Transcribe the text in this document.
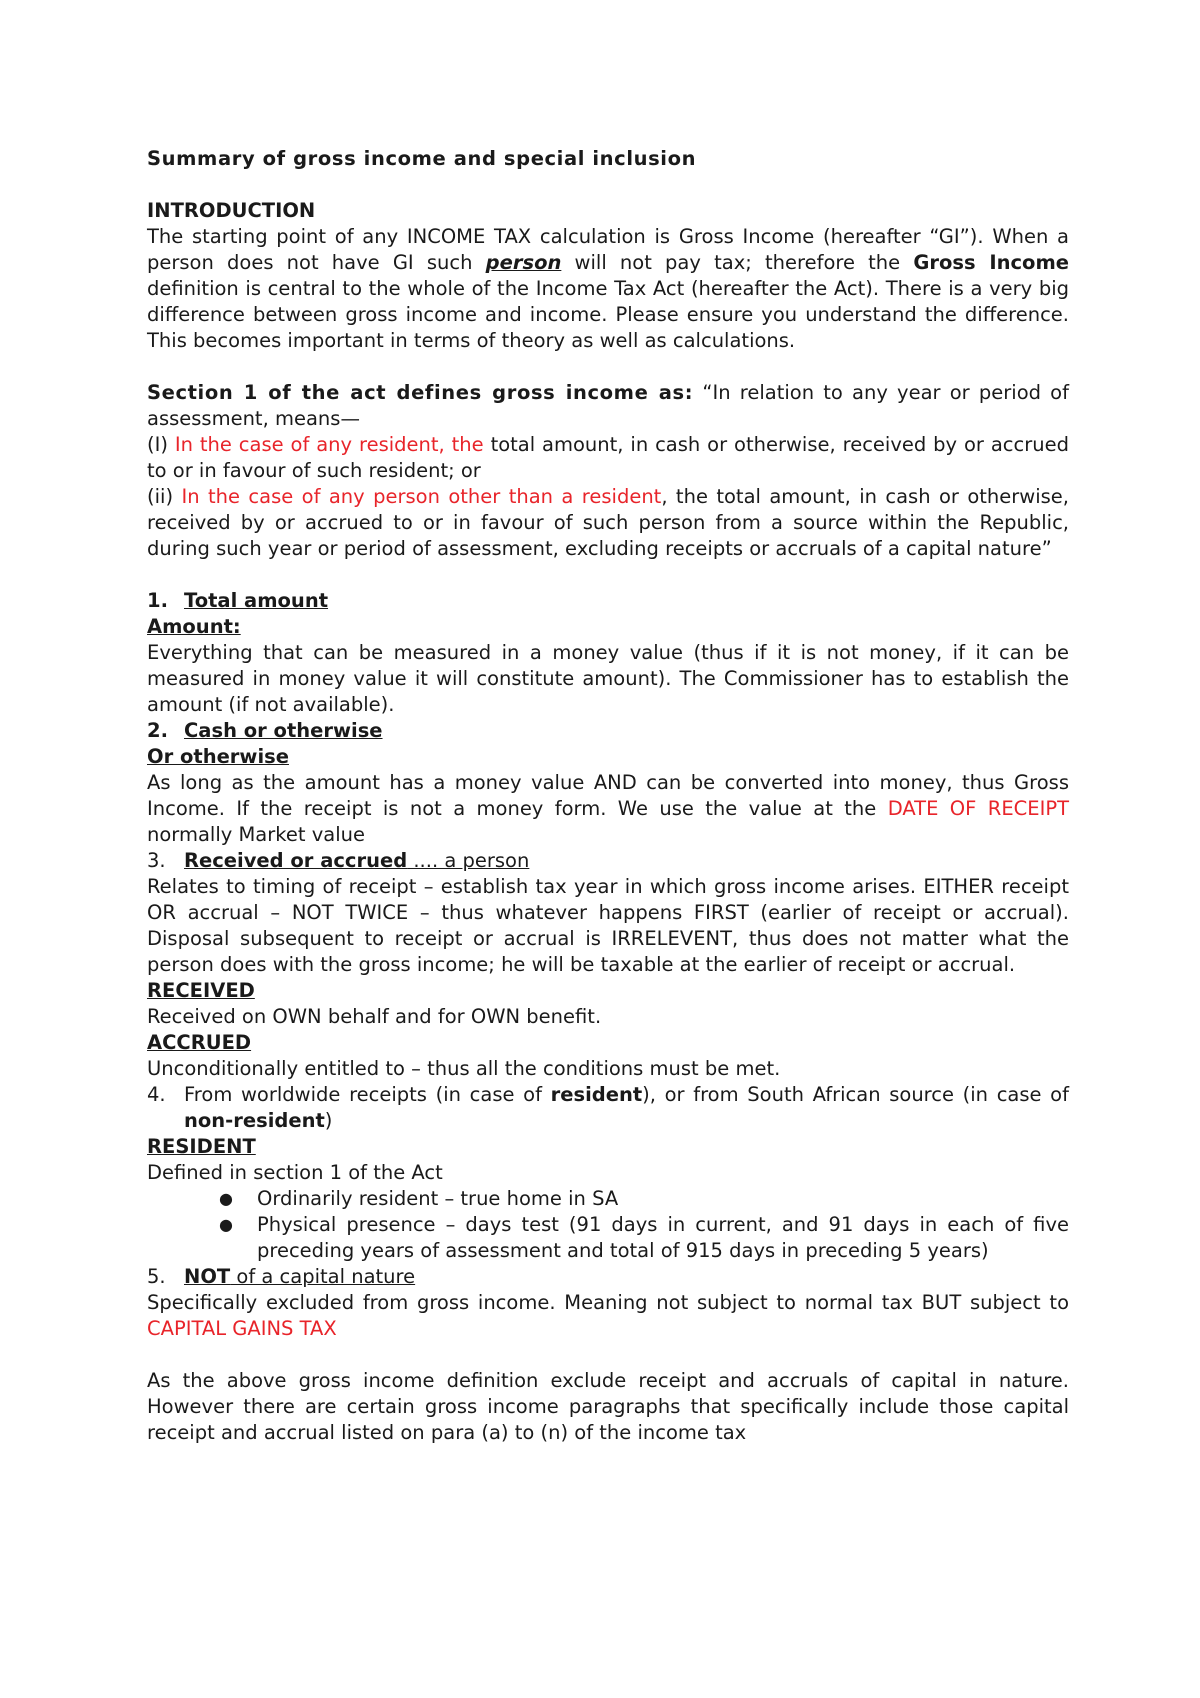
Summary of gross income and special inclusion

INTRODUCTION

The starting point of any INCOME TAX calculation is Gross Income (hereafter “GI”). When a person does not have GI such person will not pay tax; therefore the Gross Income definition is central to the whole of the Income Tax Act (hereafter the Act). There is a very big difference between gross income and income. Please ensure you understand the difference. This becomes important in terms of theory as well as calculations.

Section 1 of the act defines gross income as: “In relation to any year or period of assessment, means—

(I) In the case of any resident, the total amount, in cash or otherwise, received by or accrued to or in favour of such resident; or

(ii) In the case of any person other than a resident, the total amount, in cash or otherwise, received by or accrued to or in favour of such person from a source within the Republic, during such year or period of assessment, excluding receipts or accruals of a capital nature”

1. Total amount

Amount:

Everything that can be measured in a money value (thus if it is not money, if it can be measured in money value it will constitute amount). The Commissioner has to establish the amount (if not available).

2. Cash or otherwise

Or otherwise

As long as the amount has a money value AND can be converted into money, thus Gross Income. If the receipt is not a money form. We use the value at the DATE OF RECEIPT normally Market value

3. Received or accrued .... a person

Relates to timing of receipt – establish tax year in which gross income arises. EITHER receipt OR accrual – NOT TWICE – thus whatever happens FIRST (earlier of receipt or accrual). Disposal subsequent to receipt or accrual is IRRELEVENT, thus does not matter what the person does with the gross income; he will be taxable at the earlier of receipt or accrual.

RECEIVED

Received on OWN behalf and for OWN benefit.

ACCRUED

Unconditionally entitled to – thus all the conditions must be met.

4. From worldwide receipts (in case of resident), or from South African source (in case of non-resident)

RESIDENT

Defined in section 1 of the Act

● Ordinarily resident – true home in SA
● Physical presence – days test (91 days in current, and 91 days in each of five preceding years of assessment and total of 915 days in preceding 5 years)

5. NOT of a capital nature

Specifically excluded from gross income. Meaning not subject to normal tax BUT subject to CAPITAL GAINS TAX

As the above gross income definition exclude receipt and accruals of capital in nature. However there are certain gross income paragraphs that specifically include those capital receipt and accrual listed on para (a) to (n) of the income tax
